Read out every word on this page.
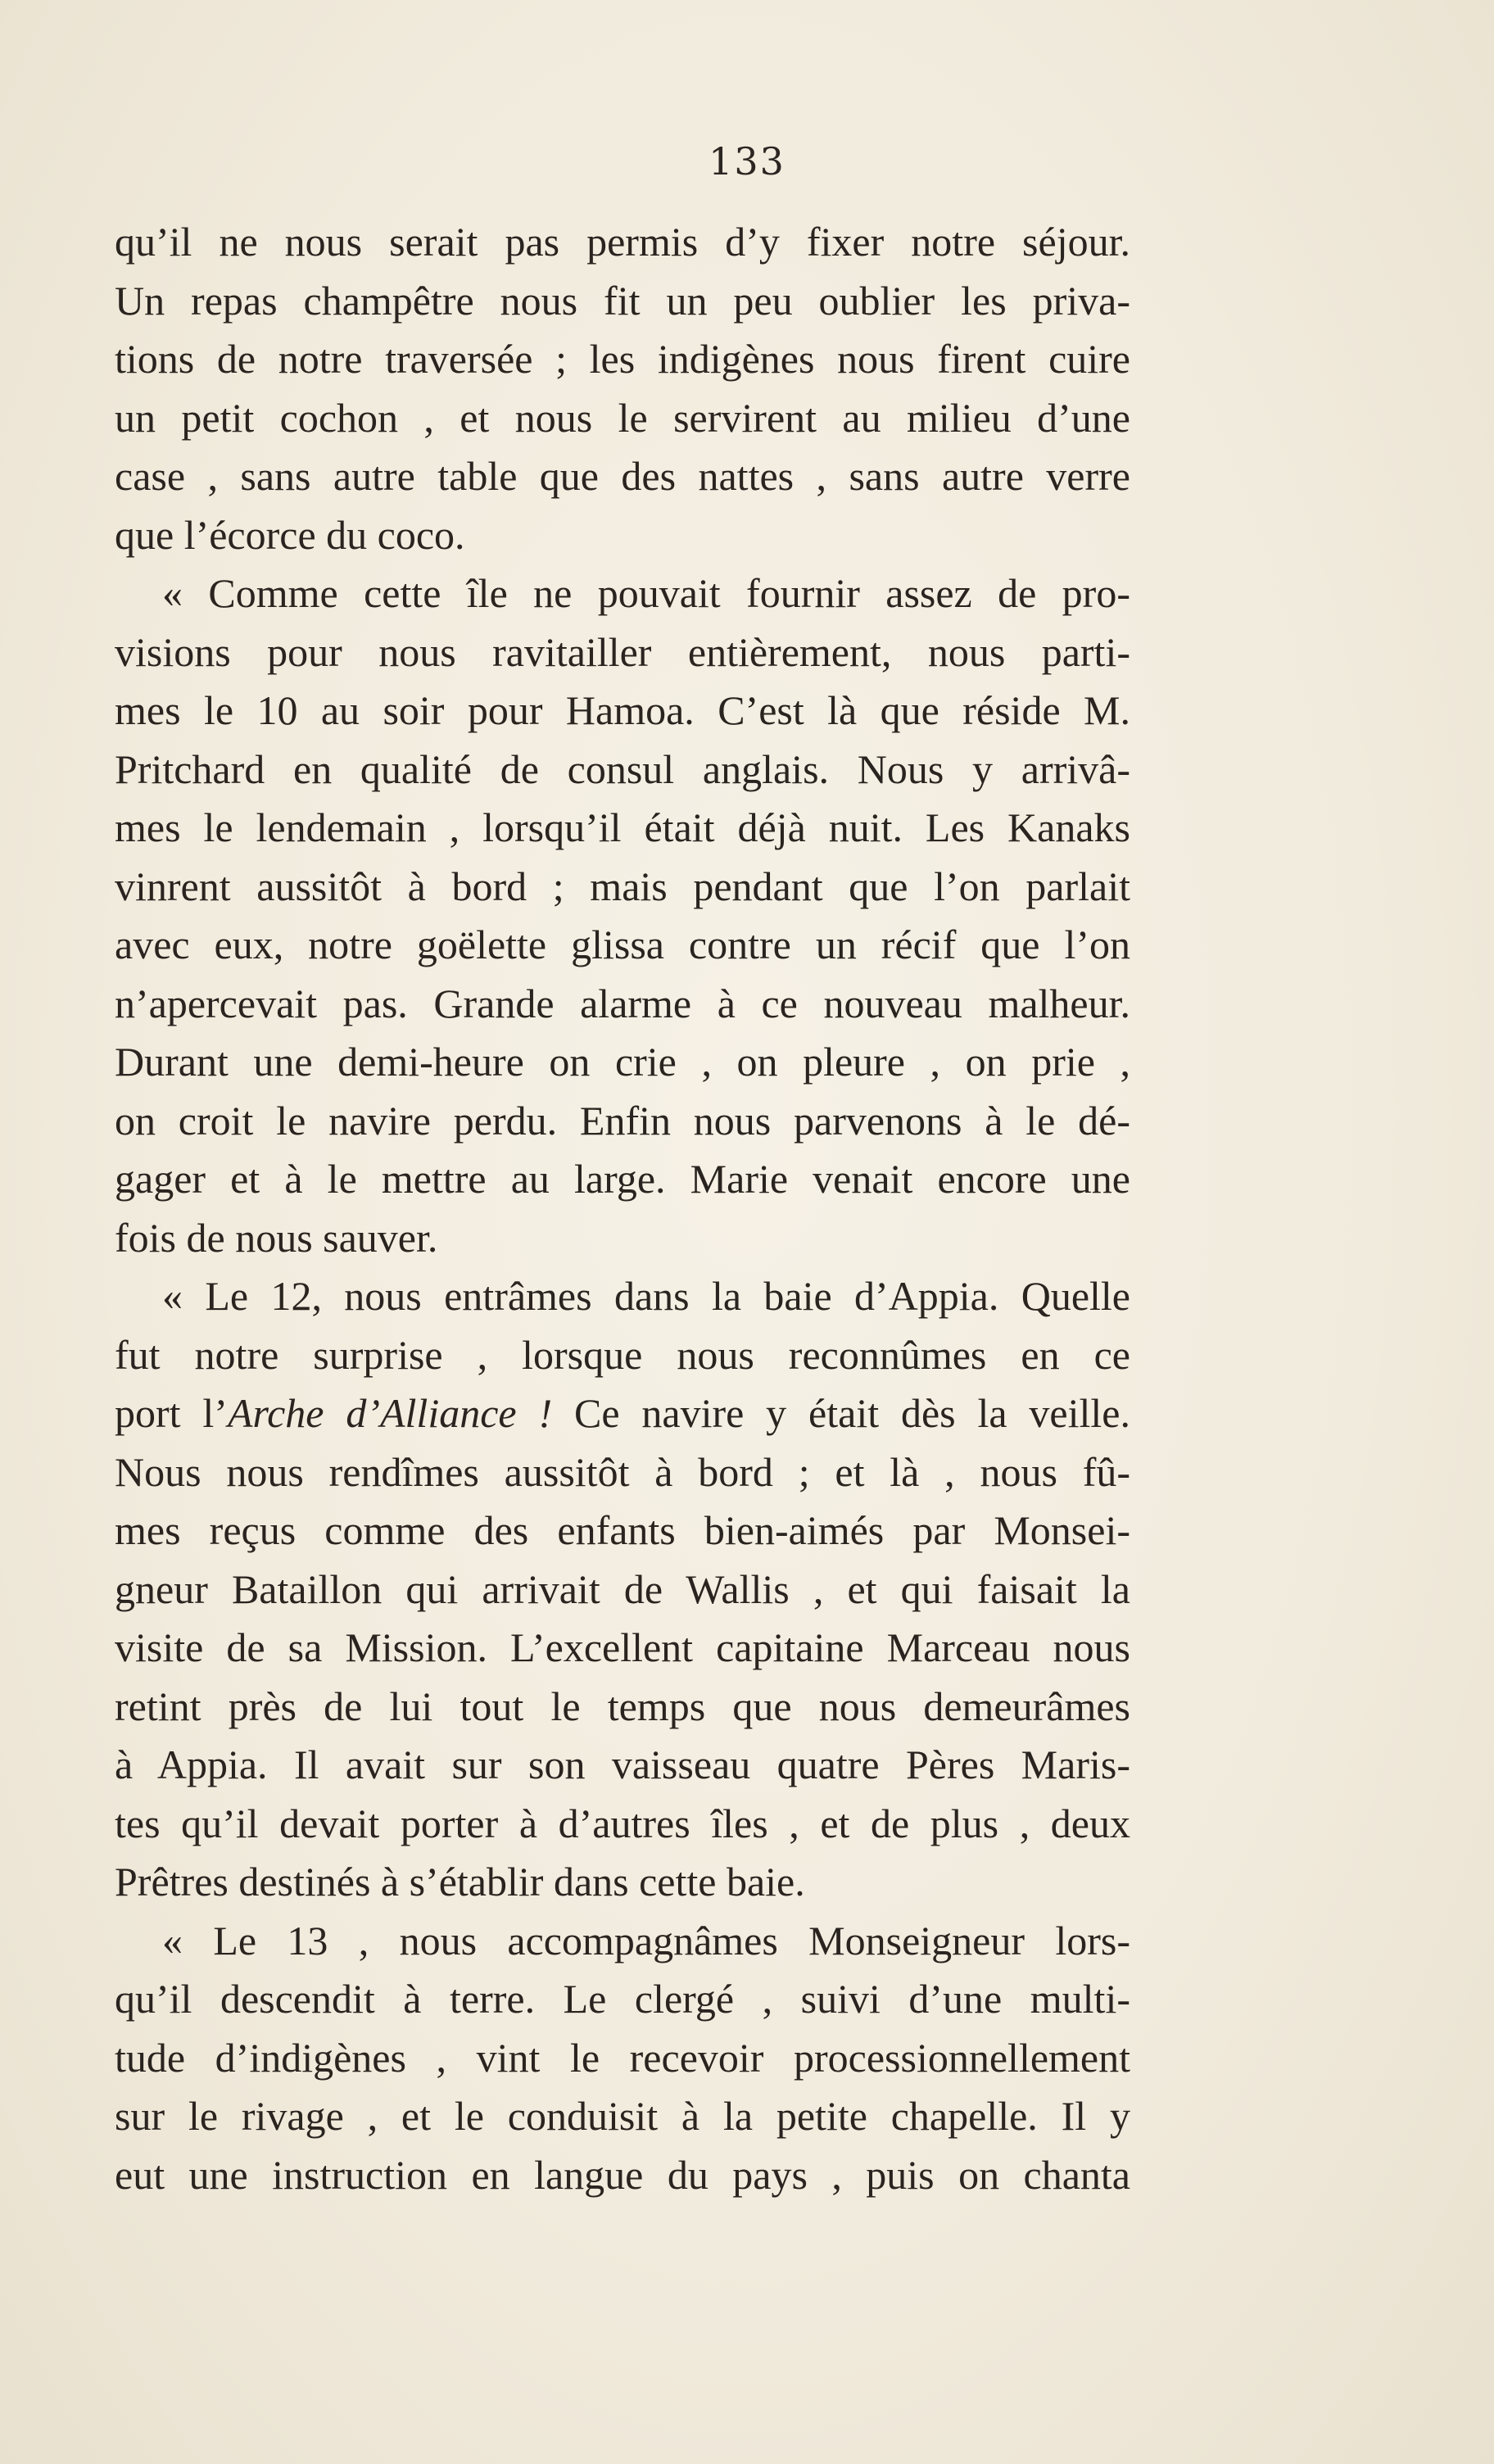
133
qu’il ne nous serait pas permis d’y fixer notre séjour.
Un repas champêtre nous fit un peu oublier les priva-
tions de notre traversée ; les indigènes nous firent cuire
un petit cochon , et nous le servirent au milieu d’une
case , sans autre table que des nattes , sans autre verre
que l’écorce du coco.
« Comme cette île ne pouvait fournir assez de pro-
visions pour nous ravitailler entièrement, nous parti-
mes le 10 au soir pour Hamoa. C’est là que réside M.
Pritchard en qualité de consul anglais. Nous y arrivâ-
mes le lendemain , lorsqu’il était déjà nuit. Les Kanaks
vinrent aussitôt à bord ; mais pendant que l’on parlait
avec eux, notre goëlette glissa contre un récif que l’on
n’apercevait pas. Grande alarme à ce nouveau malheur.
Durant une demi-heure on crie , on pleure , on prie ,
on croit le navire perdu. Enfin nous parvenons à le dé-
gager et à le mettre au large. Marie venait encore une
fois de nous sauver.
« Le 12, nous entrâmes dans la baie d’Appia. Quelle
fut notre surprise , lorsque nous reconnûmes en ce
port l’Arche d’Alliance ! Ce navire y était dès la veille.
Nous nous rendîmes aussitôt à bord ; et là , nous fû-
mes reçus comme des enfants bien-aimés par Monsei-
gneur Bataillon qui arrivait de Wallis , et qui faisait la
visite de sa Mission. L’excellent capitaine Marceau nous
retint près de lui tout le temps que nous demeurâmes
à Appia. Il avait sur son vaisseau quatre Pères Maris-
tes qu’il devait porter à d’autres îles , et de plus , deux
Prêtres destinés à s’établir dans cette baie.
« Le 13 , nous accompagnâmes Monseigneur lors-
qu’il descendit à terre. Le clergé , suivi d’une multi-
tude d’indigènes , vint le recevoir processionnellement
sur le rivage , et le conduisit à la petite chapelle. Il y
eut une instruction en langue du pays , puis on chanta
